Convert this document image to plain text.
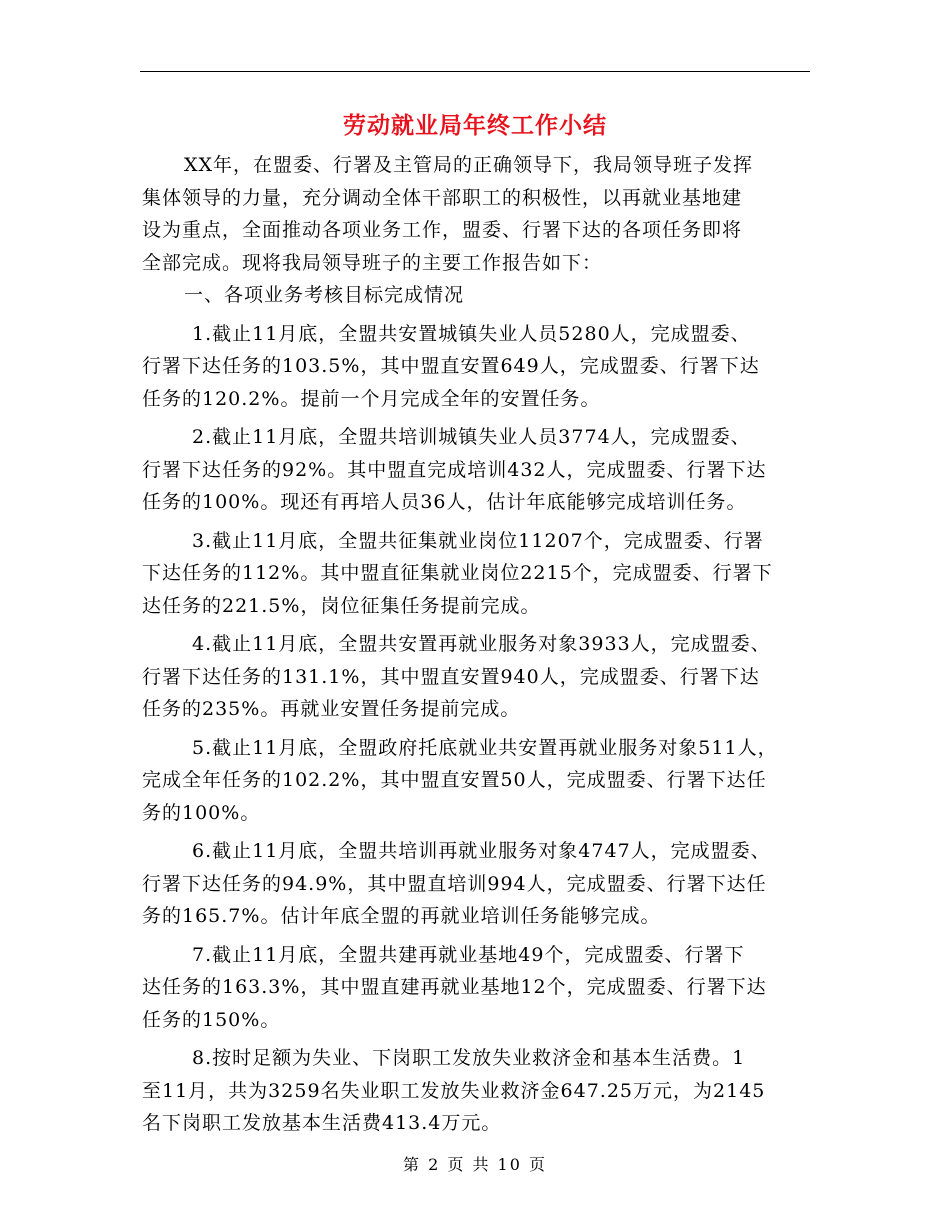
劳动就业局年终工作小结
XX年，在盟委、行署及主管局的正确领导下，我局领导班子发挥
集体领导的力量，充分调动全体干部职工的积极性，以再就业基地建
设为重点，全面推动各项业务工作，盟委、行署下达的各项任务即将
全部完成。现将我局领导班子的主要工作报告如下：
一、各项业务考核目标完成情况
1.截止11月底，全盟共安置城镇失业人员5280人，完成盟委、
行署下达任务的103.5%，其中盟直安置649人，完成盟委、行署下达
任务的120.2%。提前一个月完成全年的安置任务。
2.截止11月底，全盟共培训城镇失业人员3774人，完成盟委、
行署下达任务的92%。其中盟直完成培训432人，完成盟委、行署下达
任务的100%。现还有再培人员36人，估计年底能够完成培训任务。
3.截止11月底，全盟共征集就业岗位11207个，完成盟委、行署
下达任务的112%。其中盟直征集就业岗位2215个，完成盟委、行署下
达任务的221.5%，岗位征集任务提前完成。
4.截止11月底，全盟共安置再就业服务对象3933人，完成盟委、
行署下达任务的131.1%，其中盟直安置940人，完成盟委、行署下达
任务的235%。再就业安置任务提前完成。
5.截止11月底，全盟政府托底就业共安置再就业服务对象511人，
完成全年任务的102.2%，其中盟直安置50人，完成盟委、行署下达任
务的100%。
6.截止11月底，全盟共培训再就业服务对象4747人，完成盟委、
行署下达任务的94.9%，其中盟直培训994人，完成盟委、行署下达任
务的165.7%。估计年底全盟的再就业培训任务能够完成。
7.截止11月底，全盟共建再就业基地49个，完成盟委、行署下
达任务的163.3%，其中盟直建再就业基地12个，完成盟委、行署下达
任务的150%。
8.按时足额为失业、下岗职工发放失业救济金和基本生活费。1
至11月，共为3259名失业职工发放失业救济金647.25万元，为2145
名下岗职工发放基本生活费413.4万元。
第 2 页 共 10 页
